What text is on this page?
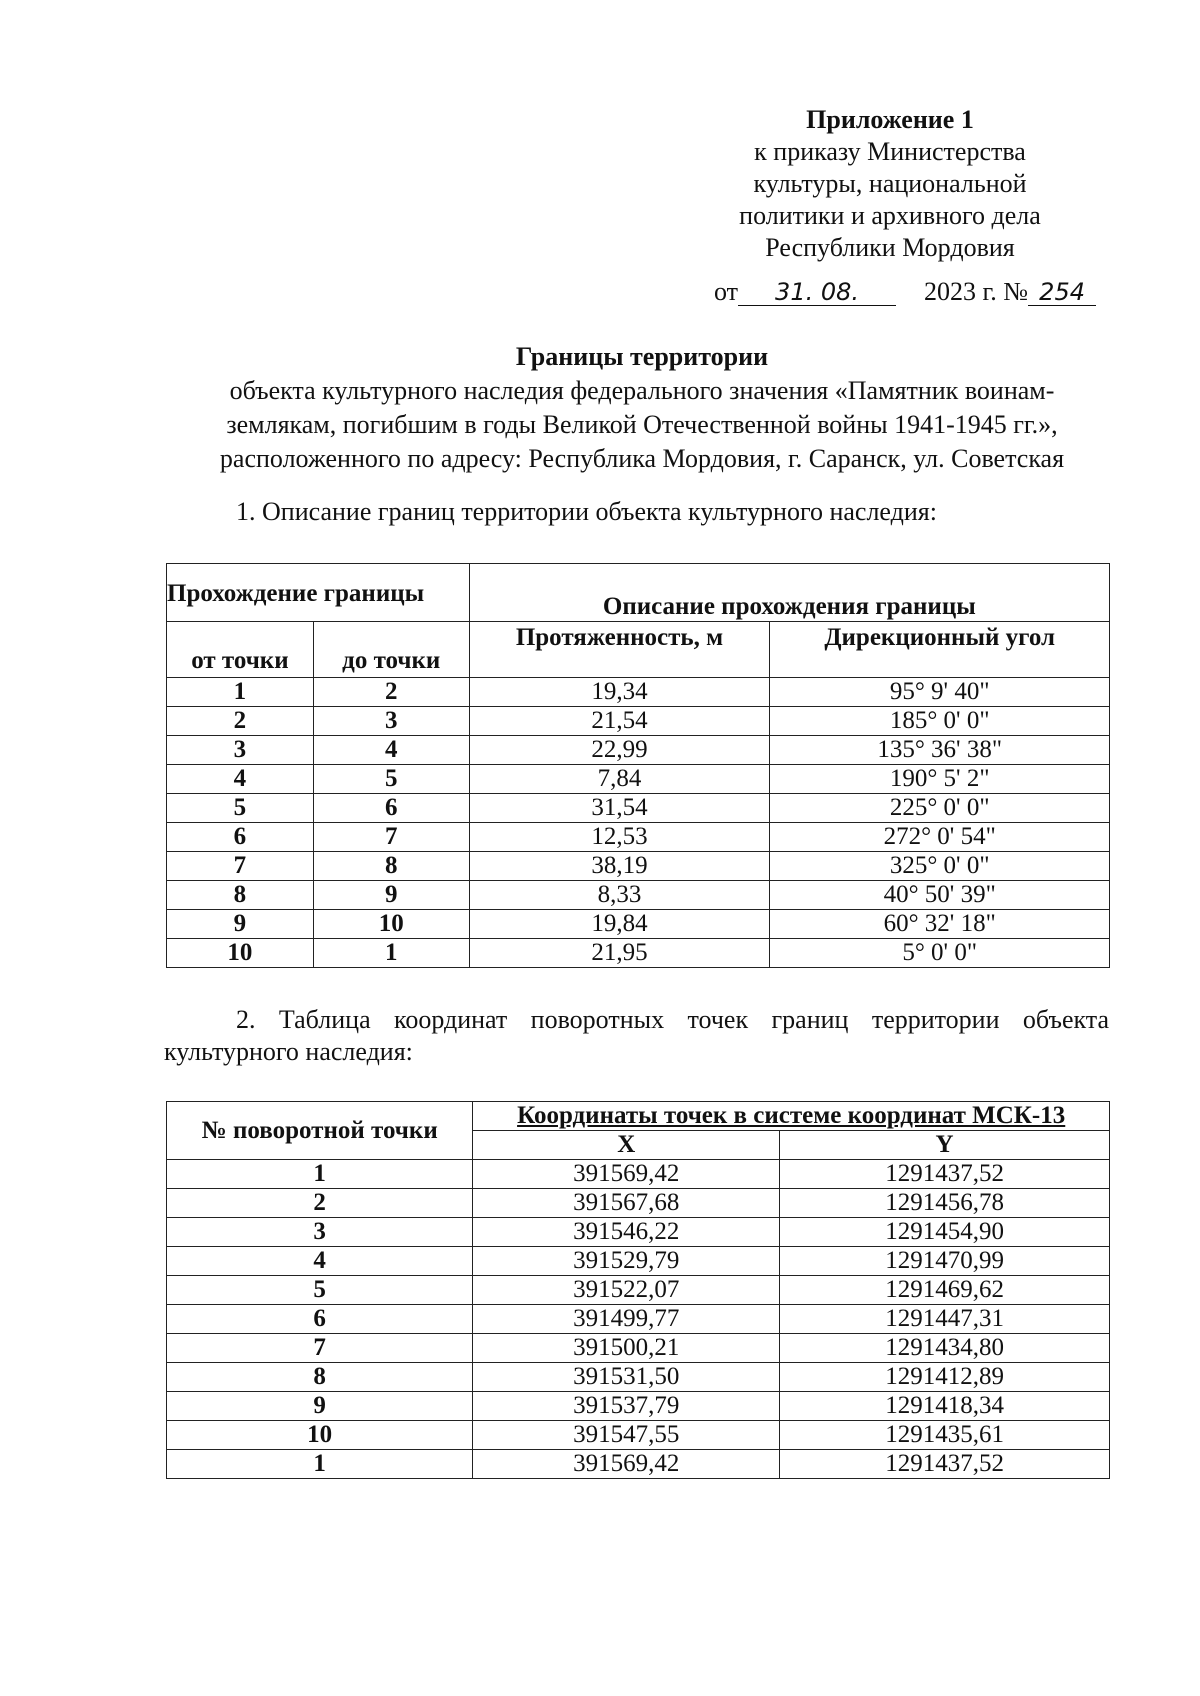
Приложение 1
к приказу Министерства
культуры, национальной
политики и архивного дела
Республики Мордовия
от 31. 08.	2023 г. № 254
Границы территории
объекта культурного наследия федерального значения «Памятник воинам-
землякам, погибшим в годы Великой Отечественной войны 1941-1945 гг.»,
расположенного по адресу: Республика Мордовия, г. Саранск, ул. Советская
1. Описание границ территории объекта культурного наследия:
Прохождение границы		Описание прохождения границы	
от точки	до точки	Протяженность, м	Дирекционный угол
1	2	19,34	95° 9' 40"
2	3	21,54	185° 0' 0"
3	4	22,99	135° 36' 38"
4	5	7,84	190° 5' 2"
5	6	31,54	225° 0' 0"
6	7	12,53	272° 0' 54"
7	8	38,19	325° 0' 0"
8	9	8,33	40° 50' 39"
9	10	19,84	60° 32' 18"
10	1	21,95	5° 0' 0"
2. Таблица координат поворотных точек границ территории объекта культурного наследия:
№ поворотной точки	Координаты точек в системе координат МСК-13	
	X	Y
1	391569,42	1291437,52
2	391567,68	1291456,78
3	391546,22	1291454,90
4	391529,79	1291470,99
5	391522,07	1291469,62
6	391499,77	1291447,31
7	391500,21	1291434,80
8	391531,50	1291412,89
9	391537,79	1291418,34
10	391547,55	1291435,61
1	391569,42	1291437,52
